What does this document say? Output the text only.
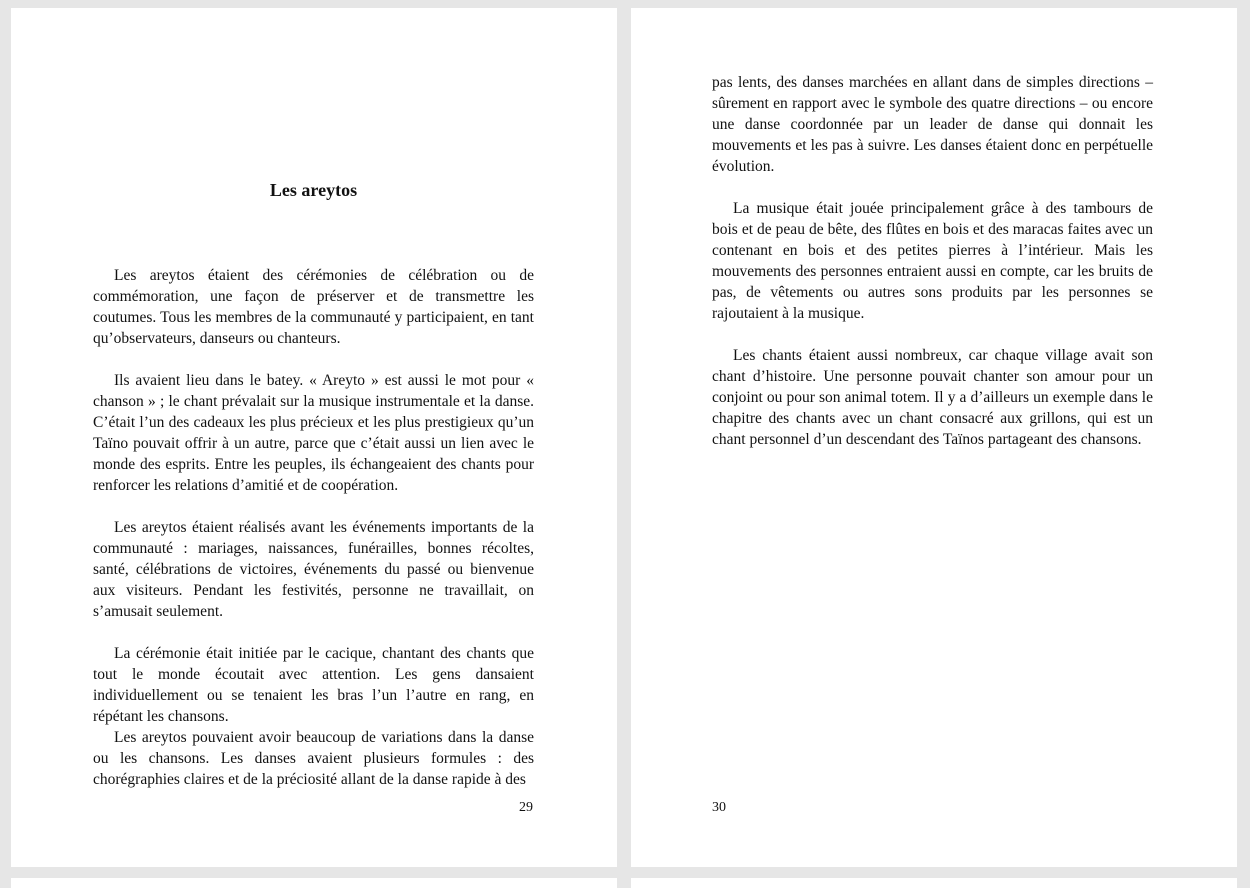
Les areytos

Les areytos étaient des cérémonies de célébration ou de commémoration, une façon de préserver et de transmettre les coutumes. Tous les membres de la communauté y participaient, en tant qu’observateurs, danseurs ou chanteurs.

Ils avaient lieu dans le batey. « Areyto » est aussi le mot pour « chanson » ; le chant prévalait sur la musique instrumentale et la danse. C’était l’un des cadeaux les plus précieux et les plus prestigieux qu’un Taïno pouvait offrir à un autre, parce que c’était aussi un lien avec le monde des esprits. Entre les peuples, ils échangeaient des chants pour renforcer les relations d’amitié et de coopération.

Les areytos étaient réalisés avant les événements importants de la communauté : mariages, naissances, funérailles, bonnes récoltes, santé, célébrations de victoires, événements du passé ou bienvenue aux visiteurs. Pendant les festivités, personne ne travaillait, on s’amusait seulement.

La cérémonie était initiée par le cacique, chantant des chants que tout le monde écoutait avec attention. Les gens dansaient individuellement ou se tenaient les bras l’un l’autre en rang, en répétant les chansons.

Les areytos pouvaient avoir beaucoup de variations dans la danse ou les chansons. Les danses avaient plusieurs formules : des chorégraphies claires et de la préciosité allant de la danse rapide à des

29

pas lents, des danses marchées en allant dans de simples directions – sûrement en rapport avec le symbole des quatre directions – ou encore une danse coordonnée par un leader de danse qui donnait les mouvements et les pas à suivre. Les danses étaient donc en perpétuelle évolution.

La musique était jouée principalement grâce à des tambours de bois et de peau de bête, des flûtes en bois et des maracas faites avec un contenant en bois et des petites pierres à l’intérieur. Mais les mouvements des personnes entraient aussi en compte, car les bruits de pas, de vêtements ou autres sons produits par les personnes se rajoutaient à la musique.

Les chants étaient aussi nombreux, car chaque village avait son chant d’histoire. Une personne pouvait chanter son amour pour un conjoint ou pour son animal totem. Il y a d’ailleurs un exemple dans le chapitre des chants avec un chant consacré aux grillons, qui est un chant personnel d’un descendant des Taïnos partageant des chansons.

30
